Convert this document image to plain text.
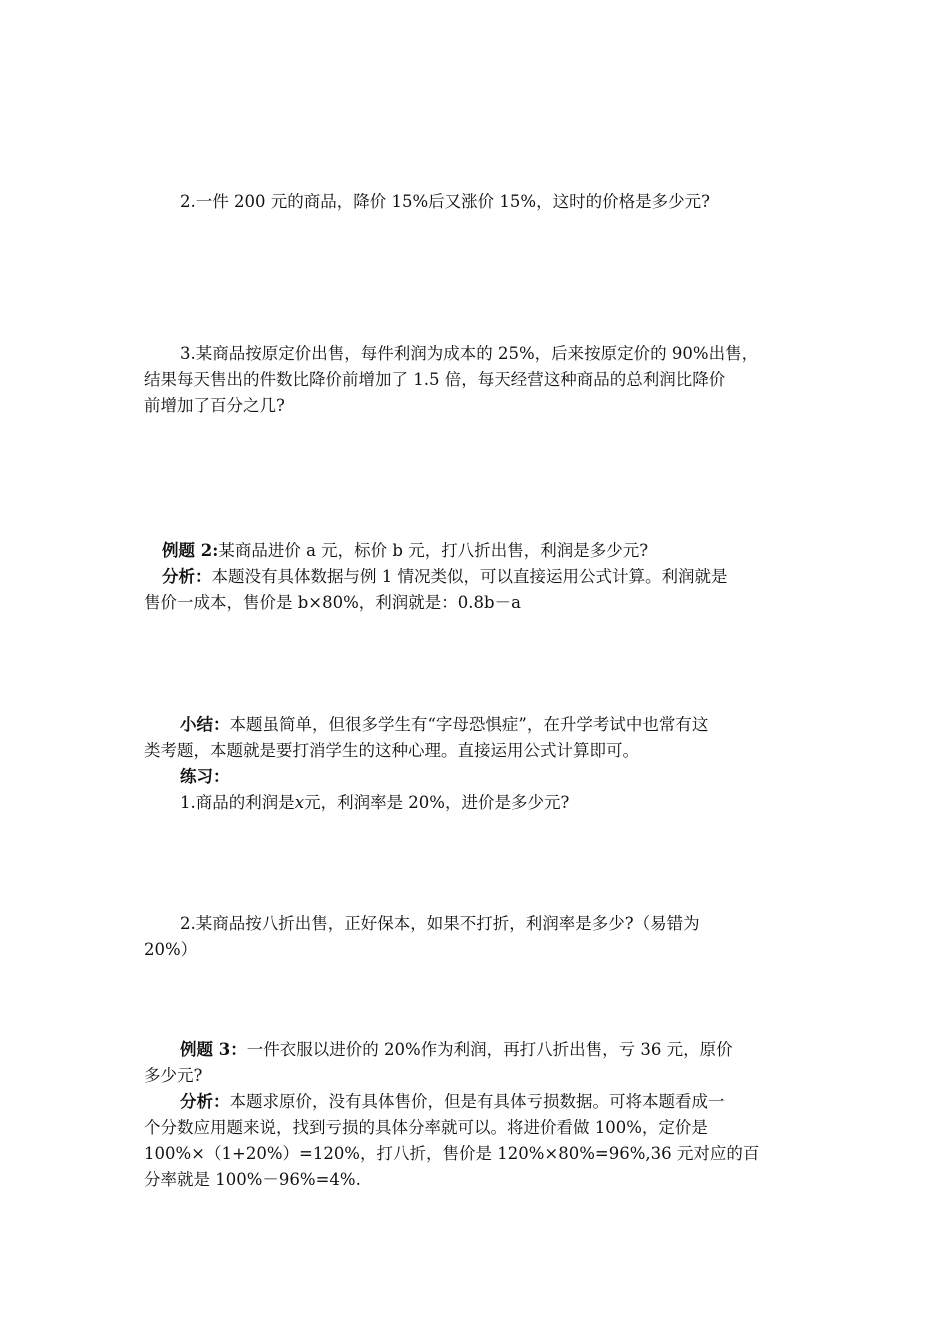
2.一件 200 元的商品，降价 15%后又涨价 15%，这时的价格是多少元?
3.某商品按原定价出售，每件利润为成本的 25%，后来按原定价的 90%出售，
结果每天售出的件数比降价前增加了 1.5 倍，每天经营这种商品的总利润比降价
前增加了百分之几?
例题 2:某商品进价 a 元，标价 b 元，打八折出售，利润是多少元?
分析：本题没有具体数据与例 1 情况类似，可以直接运用公式计算。利润就是
售价一成本，售价是 b×80%，利润就是：0.8b－a
小结：本题虽简单，但很多学生有“字母恐惧症”，在升学考试中也常有这
类考题，本题就是要打消学生的这种心理。直接运用公式计算即可。
练习：
1.商品的利润是x元，利润率是 20%，进价是多少元?
2.某商品按八折出售，正好保本，如果不打折，利润率是多少?（易错为
20%）
例题 3：一件衣服以进价的 20%作为利润，再打八折出售，亏 36 元，原价
多少元?
分析：本题求原价，没有具体售价，但是有具体亏损数据。可将本题看成一
个分数应用题来说，找到亏损的具体分率就可以。将进价看做 100%，定价是
100%×（1+20%）=120%，打八折，售价是 120%×80%=96%,36 元对应的百
分率就是 100%－96%=4%.
